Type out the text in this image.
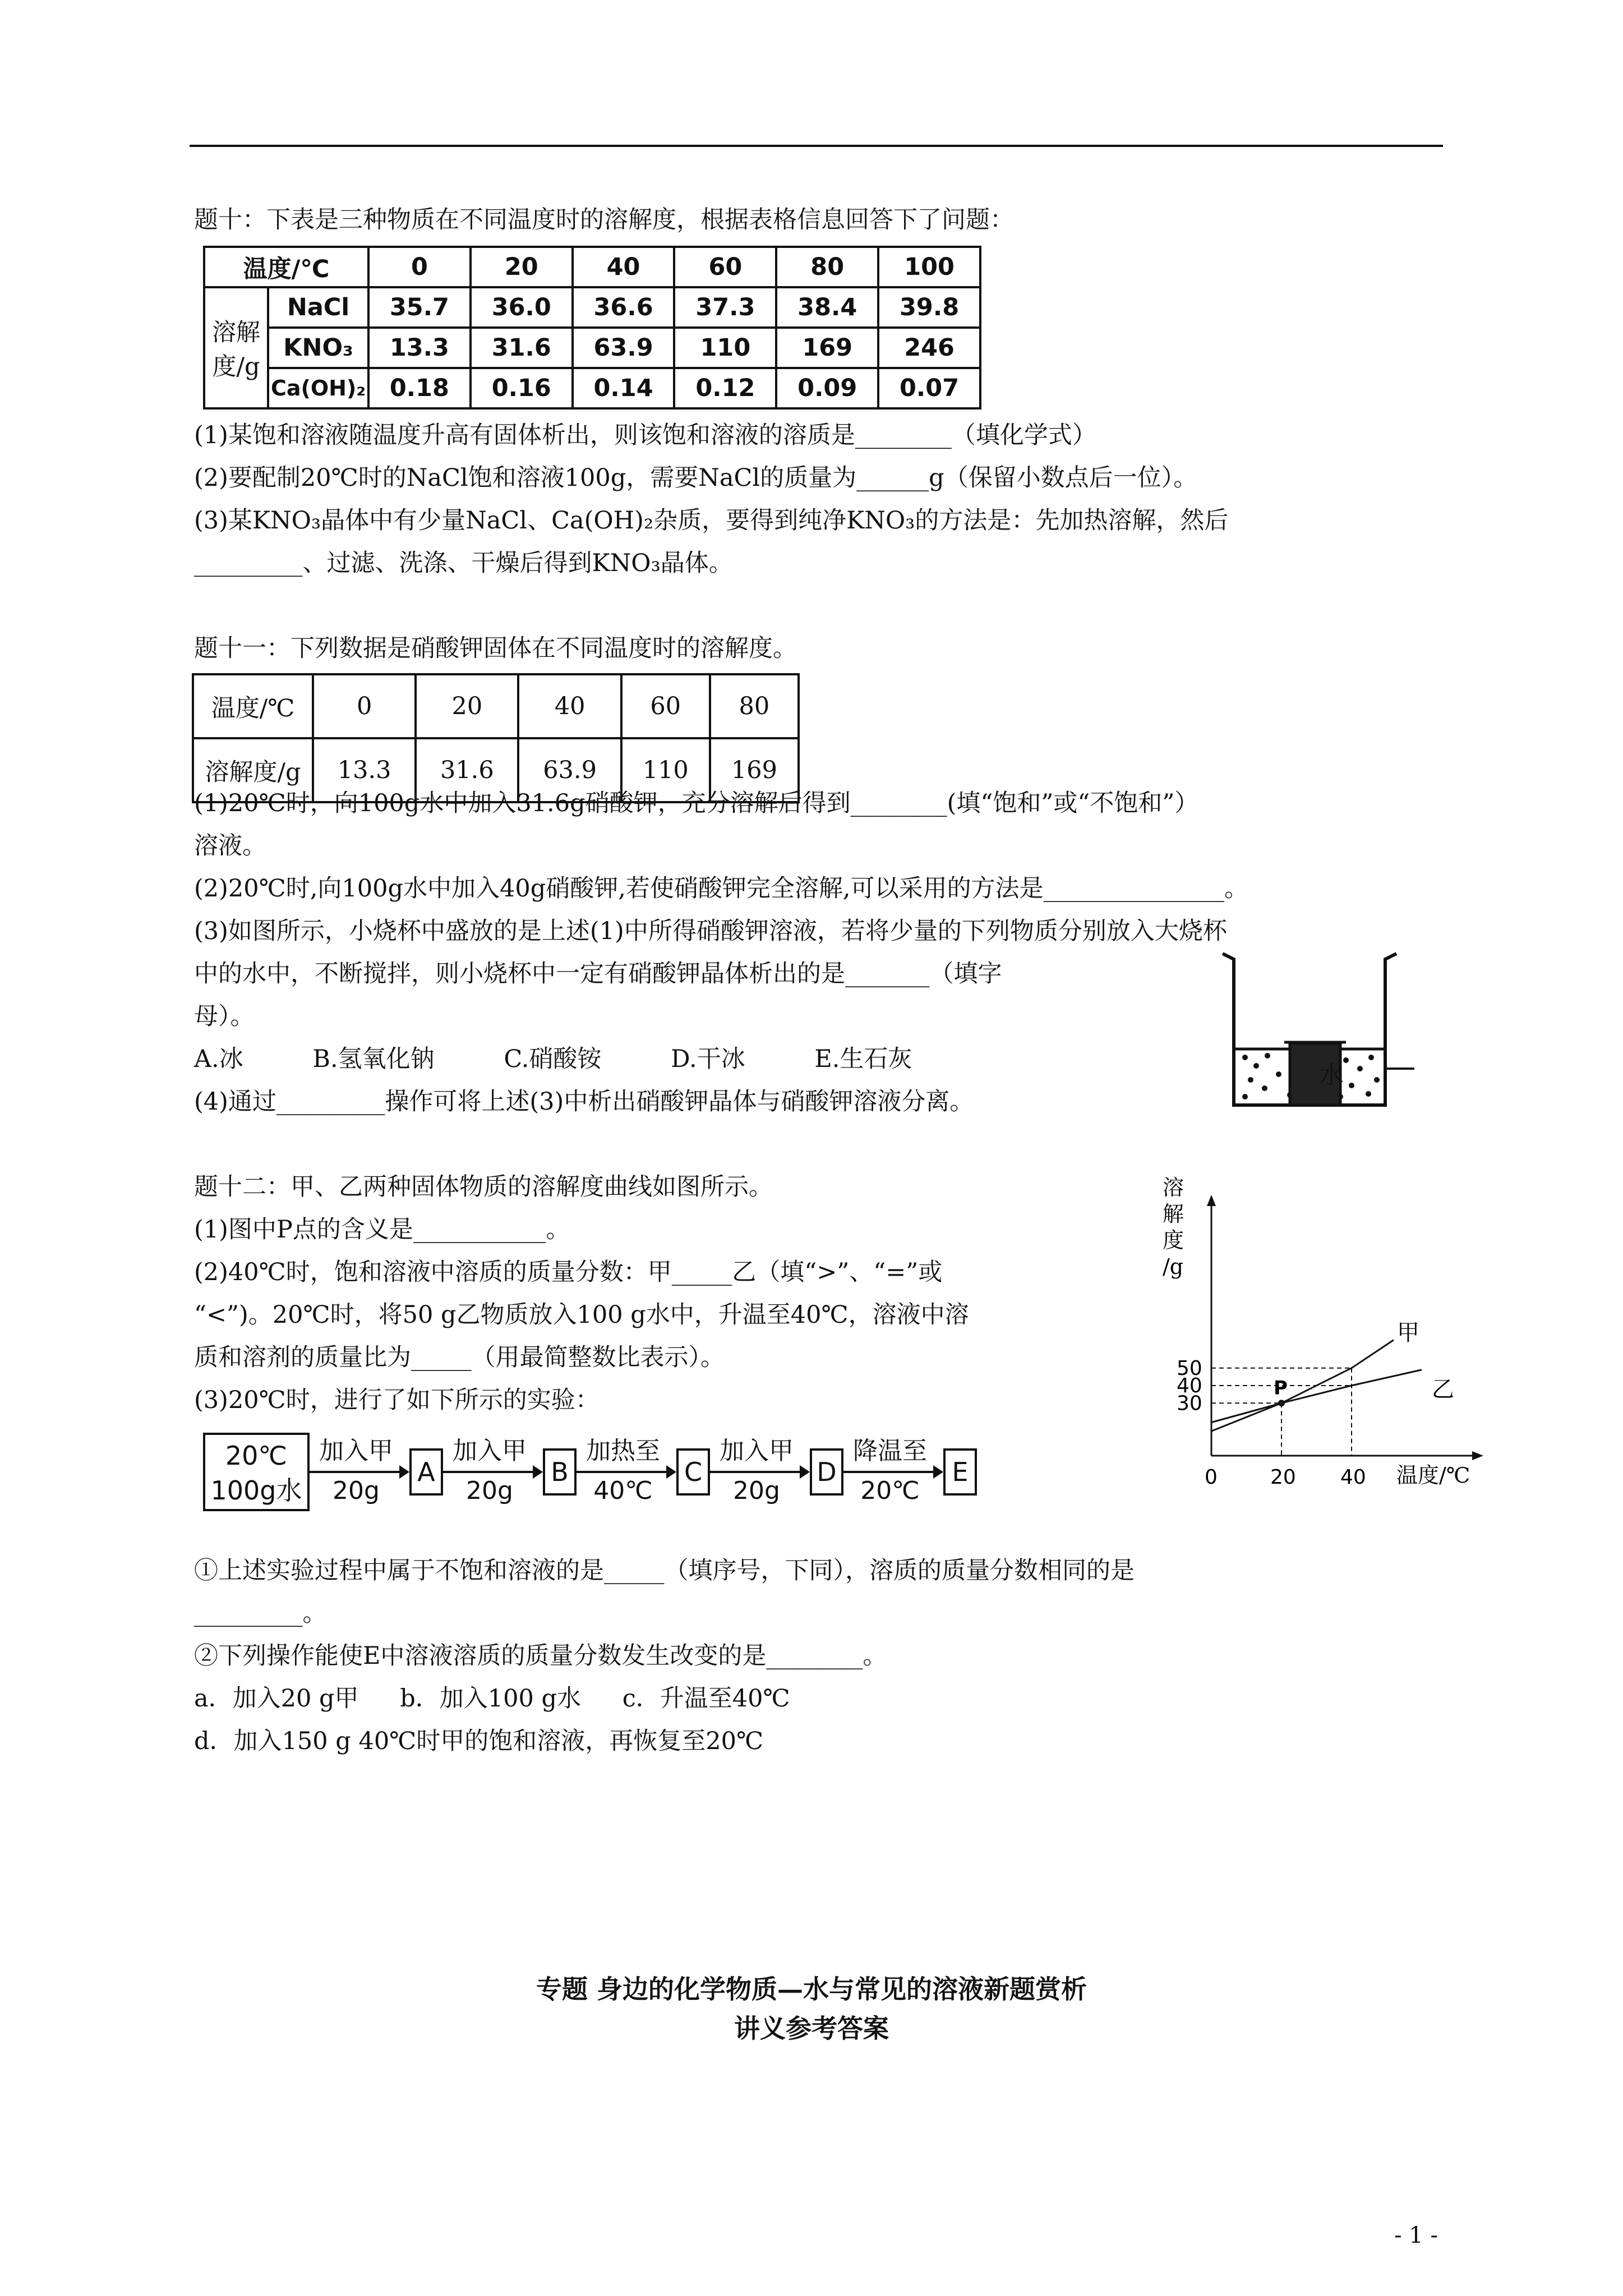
题十：下表是三种物质在不同温度时的溶解度，根据表格信息回答下了问题：
温度/℃		0	20	40	60	80	100

溶解
度/g	NaCl	35.7	36.0	36.6	37.3	38.4	39.8
	KNO₃	13.3	31.6	63.9	110	169	246
	Ca(OH)₂	0.18	0.16	0.14	0.12	0.09	0.07
(1)某饱和溶液随温度升高有固体析出，则该饱和溶液的溶质是________（填化学式）
(2)要配制20℃时的NaCl饱和溶液100g，需要NaCl的质量为______g（保留小数点后一位）。
(3)某KNO₃晶体中有少量NaCl、Ca(OH)₂杂质，要得到纯净KNO₃的方法是：先加热溶解，然后
_________、过滤、洗涤、干燥后得到KNO₃晶体。
题十一：下列数据是硝酸钾固体在不同温度时的溶解度。
温度/℃	0	20	40	60	80
溶解度/g	13.3	31.6	63.9	110	169
(1)20℃时，向100g水中加入31.6g硝酸钾，充分溶解后得到________(填“饱和”或“不饱和”）
溶液。
(2)20℃时,向100g水中加入40g硝酸钾,若使硝酸钾完全溶解,可以采用的方法是_______________。
(3)如图所示，小烧杯中盛放的是上述(1)中所得硝酸钾溶液，若将少量的下列物质分别放入大烧杯
中的水中，不断搅拌，则小烧杯中一定有硝酸钾晶体析出的是_______（填字
母）。
A.冰	B.氢氧化钠	C.硝酸铵	D.干冰	E.生石灰
(4)通过_________操作可将上述(3)中析出硝酸钾晶体与硝酸钾溶液分离。
水
题十二：甲、乙两种固体物质的溶解度曲线如图所示。
(1)图中P点的含义是___________。
(2)40℃时，饱和溶液中溶质的质量分数：甲_____乙（填“>”、“=”或
“<”)。20℃时，将50 g乙物质放入100 g水中，升温至40℃，溶液中溶
质和溶剂的质量比为_____（用最简整数比表示）。
(3)20℃时，进行了如下所示的实验：
甲
乙
P
0	20 40
30
40
50
溶
解
度
/g
温度/℃
20℃
100g水
加入甲
20g
A
加入甲
20g
B
加热至
40℃
C
加入甲
20g
D
降温至
20℃
E
①上述实验过程中属于不饱和溶液的是_____（填序号，下同），溶质的质量分数相同的是
_________。
②下列操作能使E中溶液溶质的质量分数发生改变的是________。
a．加入20 g甲 b．加入100 g水 c．升温至40℃
d．加入150 g 40℃时甲的饱和溶液，再恢复至20℃
专题 身边的化学物质—水与常见的溶液新题赏析
讲义参考答案
- 1 -
